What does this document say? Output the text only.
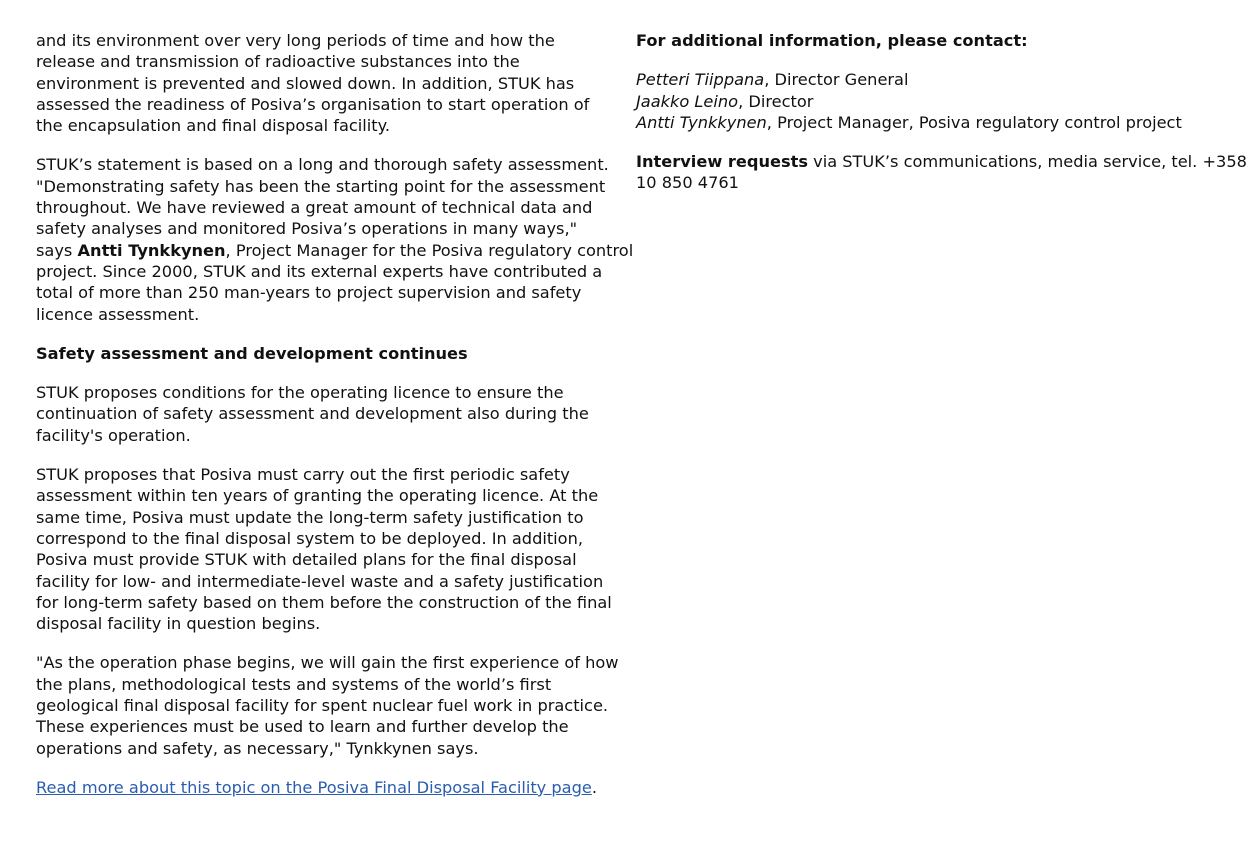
and its environment over very long periods of time and how the
release and transmission of radioactive substances into the
environment is prevented and slowed down. In addition, STUK has
assessed the readiness of Posiva’s organisation to start operation of
the encapsulation and final disposal facility.

STUK’s statement is based on a long and thorough safety assessment.
"Demonstrating safety has been the starting point for the assessment
throughout. We have reviewed a great amount of technical data and
safety analyses and monitored Posiva’s operations in many ways,"
says Antti Tynkkynen, Project Manager for the Posiva regulatory control
project. Since 2000, STUK and its external experts have contributed a
total of more than 250 man-years to project supervision and safety
licence assessment.

Safety assessment and development continues

STUK proposes conditions for the operating licence to ensure the
continuation of safety assessment and development also during the
facility's operation.

STUK proposes that Posiva must carry out the first periodic safety
assessment within ten years of granting the operating licence. At the
same time, Posiva must update the long-term safety justification to
correspond to the final disposal system to be deployed. In addition,
Posiva must provide STUK with detailed plans for the final disposal
facility for low- and intermediate-level waste and a safety justification
for long-term safety based on them before the construction of the final
disposal facility in question begins.

"As the operation phase begins, we will gain the first experience of how
the plans, methodological tests and systems of the world’s first
geological final disposal facility for spent nuclear fuel work in practice.
These experiences must be used to learn and further develop the
operations and safety, as necessary," Tynkkynen says.

Read more about this topic on the Posiva Final Disposal Facility page.

For additional information, please contact:

Petteri Tiippana, Director General
Jaakko Leino, Director
Antti Tynkkynen, Project Manager, Posiva regulatory control project

Interview requests via STUK’s communications, media service, tel. +358
10 850 4761
